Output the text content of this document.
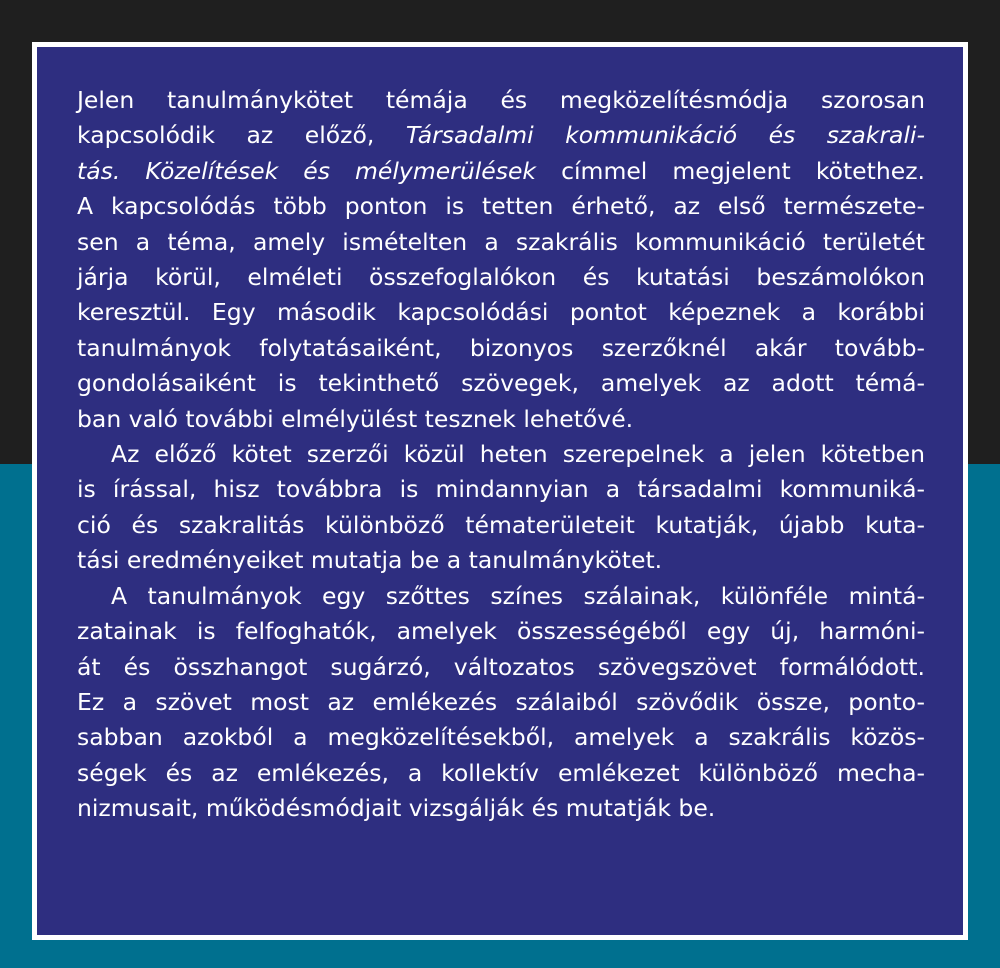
Jelen tanulmánykötet témája és megközelítésmódja szorosan
kapcsolódik az előző, Társadalmi kommunikáció és szakrali-
tás. Közelítések és mélymerülések címmel megjelent kötethez.
A kapcsolódás több ponton is tetten érhető, az első természete-
sen a téma, amely ismételten a szakrális kommunikáció területét
járja körül, elméleti összefoglalókon és kutatási beszámolókon
keresztül. Egy második kapcsolódási pontot képeznek a korábbi
tanulmányok folytatásaiként, bizonyos szerzőknél akár tovább-
gondolásaiként is tekinthető szövegek, amelyek az adott témá-
ban való további elmélyülést tesznek lehetővé.
Az előző kötet szerzői közül heten szerepelnek a jelen kötetben
is írással, hisz továbbra is mindannyian a társadalmi kommuniká-
ció és szakralitás különböző tématerületeit kutatják, újabb kuta-
tási eredményeiket mutatja be a tanulmánykötet.
A tanulmányok egy szőttes színes szálainak, különféle mintá-
zatainak is felfoghatók, amelyek összességéből egy új, harmóni-
át és összhangot sugárzó, változatos szövegszövet formálódott.
Ez a szövet most az emlékezés szálaiból szövődik össze, ponto-
sabban azokból a megközelítésekből, amelyek a szakrális közös-
ségek és az emlékezés, a kollektív emlékezet különböző mecha-
nizmusait, működésmódjait vizsgálják és mutatják be.
